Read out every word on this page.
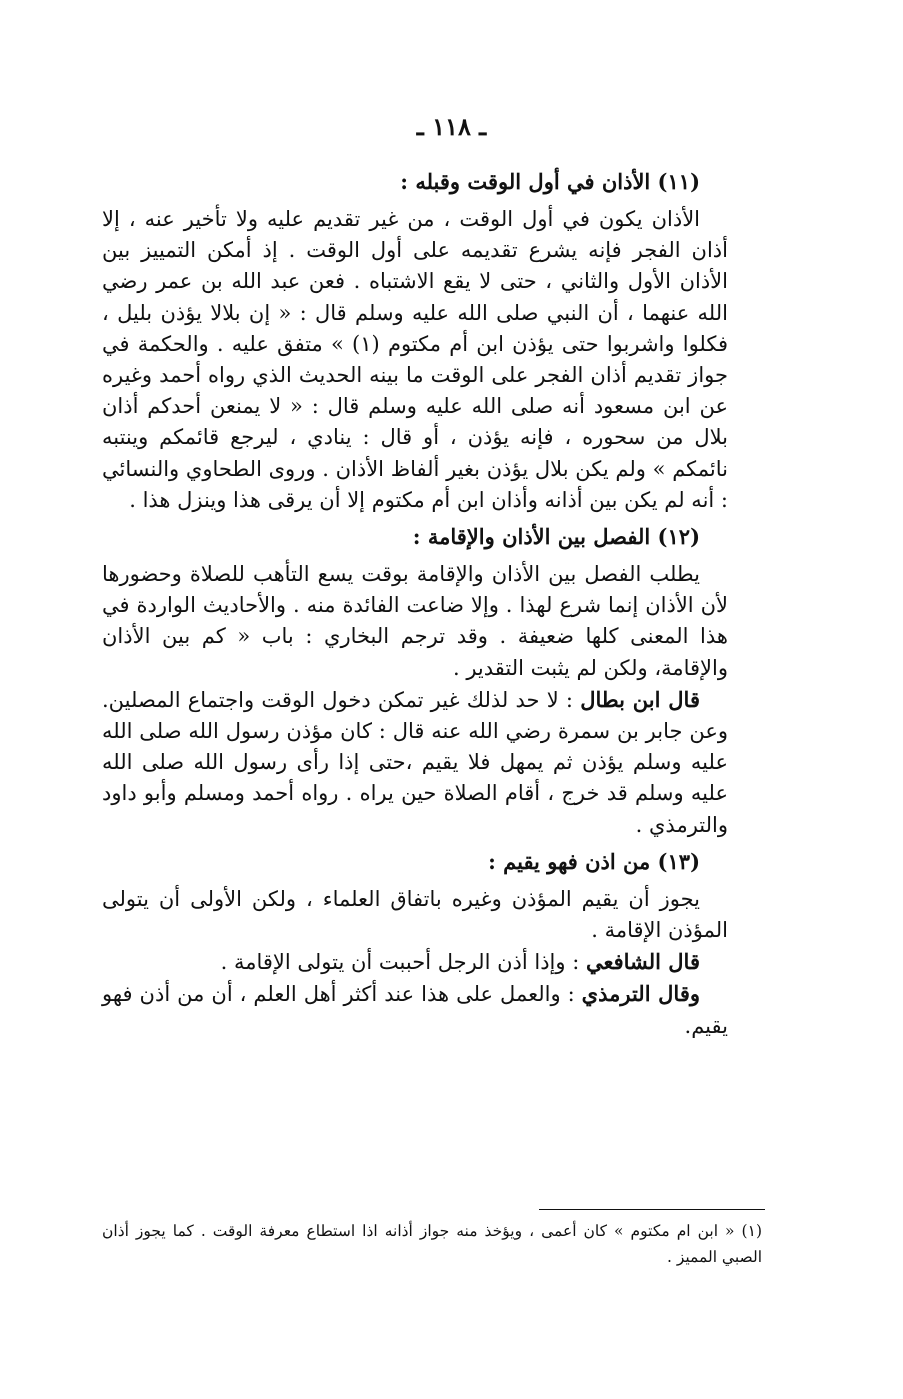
ـ ١١٨ ـ
(١١) الأذان في أول الوقت وقبله :

الأذان يكون في أول الوقت ، من غير تقديم عليه ولا تأخير عنه ، إلا أذان الفجر فإنه يشرع تقديمه على أول الوقت . إذ أمكن التمييز بين الأذان الأول والثاني ، حتى لا يقع الاشتباه . فعن عبد الله بن عمر رضي الله عنهما ، أن النبي صلى الله عليه وسلم قال : « إن بلالا يؤذن بليل ، فكلوا واشربوا حتى يؤذن ابن أم مكتوم (١) » متفق عليه . والحكمة في جواز تقديم أذان الفجر على الوقت ما بينه الحديث الذي رواه أحمد وغيره عن ابن مسعود أنه صلى الله عليه وسلم قال : « لا يمنعن أحدكم أذان بلال من سحوره ، فإنه يؤذن ، أو قال : ينادي ، ليرجع قائمكم وينتبه نائمكم » ولم يكن بلال يؤذن بغير ألفاظ الأذان . وروى الطحاوي والنسائي : أنه لم يكن بين أذانه وأذان ابن أم مكتوم إلا أن يرقى هذا وينزل هذا .

(١٢) الفصل بين الأذان والإقامة :

يطلب الفصل بين الأذان والإقامة بوقت يسع التأهب للصلاة وحضورها لأن الأذان إنما شرع لهذا . وإلا ضاعت الفائدة منه . والأحاديث الواردة في هذا المعنى كلها ضعيفة . وقد ترجم البخاري : باب « كم بين الأذان والإقامة، ولكن لم يثبت التقدير .

قال ابن بطال : لا حد لذلك غير تمكن دخول الوقت واجتماع المصلين. وعن جابر بن سمرة رضي الله عنه قال : كان مؤذن رسول الله صلى الله عليه وسلم يؤذن ثم يمهل فلا يقيم ،حتى إذا رأى رسول الله صلى الله عليه وسلم قد خرج ، أقام الصلاة حين يراه . رواه أحمد ومسلم وأبو داود والترمذي .

(١٣) من اذن فهو يقيم :

يجوز أن يقيم المؤذن وغيره باتفاق العلماء ، ولكن الأولى أن يتولى المؤذن الإقامة .

قال الشافعي : وإذا أذن الرجل أحببت أن يتولى الإقامة .

وقال الترمذي : والعمل على هذا عند أكثر أهل العلم ، أن من أذن فهو يقيم.

(١) « ابن ام مكتوم » كان أعمى ، ويؤخذ منه جواز أذانه اذا استطاع معرفة الوقت . كما يجوز أذان الصبي المميز .
